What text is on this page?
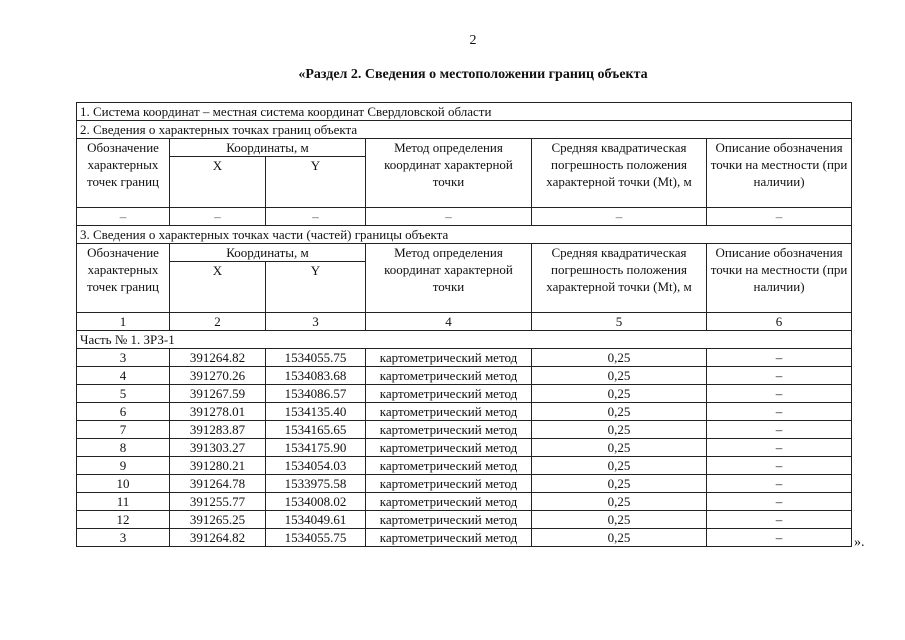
2
«Раздел 2. Сведения о местоположении границ объекта
1. Система координат – местная система координат Свердловской области					
2. Сведения о характерных точках границ объекта					
Обозначение характерных точек границ	Координаты, м		Метод определения координат характерной точки	Средняя квадратическая погрешность положения характерной точки (Mt), м	Описание обозначения точки на местности (при наличии)
	X	Y			
–	–	–	–	–	–
3. Сведения о характерных точках части (частей) границы объекта					
Обозначение характерных точек границ	Координаты, м		Метод определения координат характерной точки	Средняя квадратическая погрешность положения характерной точки (Mt), м	Описание обозначения точки на местности (при наличии)
	X	Y			
1	2	3	4	5	6
Часть № 1. ЗРЗ-1					
3	391264.82	1534055.75	картометрический метод	0,25	–
4	391270.26	1534083.68	картометрический метод	0,25	–
5	391267.59	1534086.57	картометрический метод	0,25	–
6	391278.01	1534135.40	картометрический метод	0,25	–
7	391283.87	1534165.65	картометрический метод	0,25	–
8	391303.27	1534175.90	картометрический метод	0,25	–
9	391280.21	1534054.03	картометрический метод	0,25	–
10	391264.78	1533975.58	картометрический метод	0,25	–
11	391255.77	1534008.02	картометрический метод	0,25	–
12	391265.25	1534049.61	картометрический метод	0,25	–
3	391264.82	1534055.75	картометрический метод	0,25	–	».
